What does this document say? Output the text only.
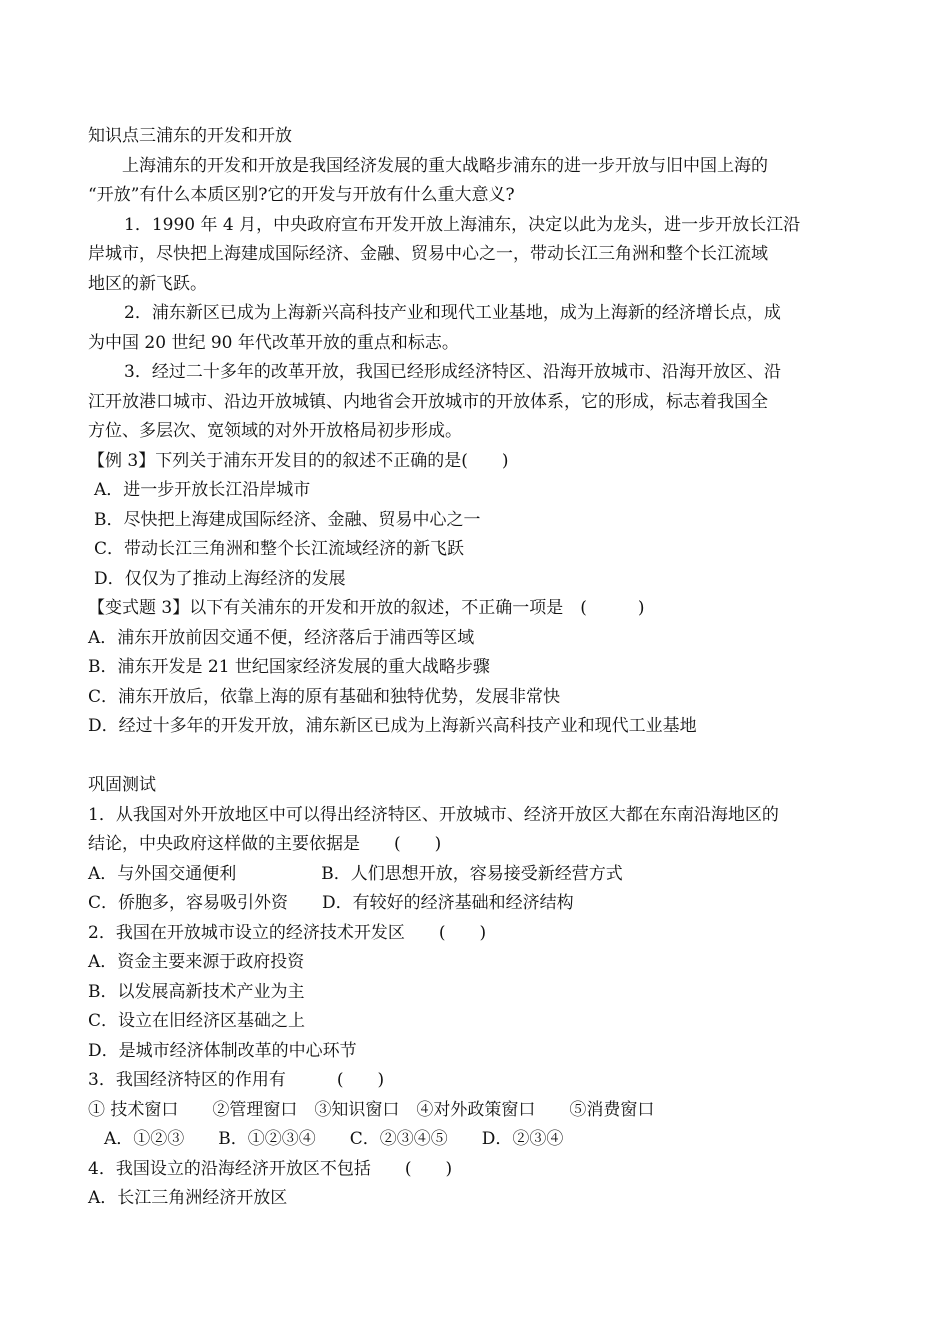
知识点三浦东的开发和开放
上海浦东的开发和开放是我国经济发展的重大战略步浦东的进一步开放与旧中国上海的
“开放”有什么本质区别?它的开发与开放有什么重大意义?
1．1990 年 4 月，中央政府宣布开发开放上海浦东，决定以此为龙头，进一步开放长江沿
岸城市，尽快把上海建成国际经济、金融、贸易中心之一，带动长江三角洲和整个长江流域
地区的新飞跃。
2．浦东新区已成为上海新兴高科技产业和现代工业基地，成为上海新的经济增长点，成
为中国 20 世纪 90 年代改革开放的重点和标志。
3．经过二十多年的改革开放，我国已经形成经济特区、沿海开放城市、沿海开放区、沿
江开放港口城市、沿边开放城镇、内地省会开放城市的开放体系，它的形成，标志着我国全
方位、多层次、宽领域的对外开放格局初步形成。
【例 3】下列关于浦东开发目的的叙述不正确的是(　　)
A．进一步开放长江沿岸城市
B．尽快把上海建成国际经济、金融、贸易中心之一
C．带动长江三角洲和整个长江流域经济的新飞跃
D．仅仅为了推动上海经济的发展
【变式题 3】以下有关浦东的开发和开放的叙述，不正确一项是　(　　　)
A．浦东开放前因交通不便，经济落后于浦西等区域
B．浦东开发是 21 世纪国家经济发展的重大战略步骤
C．浦东开放后，依靠上海的原有基础和独特优势，发展非常快
D．经过十多年的开发开放，浦东新区已成为上海新兴高科技产业和现代工业基地
巩固测试
1．从我国对外开放地区中可以得出经济特区、开放城市、经济开放区大都在东南沿海地区的
结论，中央政府这样做的主要依据是　　(　　)
A．与外国交通便利　　　　　B．人们思想开放，容易接受新经营方式
C．侨胞多，容易吸引外资　　D．有较好的经济基础和经济结构
2．我国在开放城市设立的经济技术开发区　　(　　)
A．资金主要来源于政府投资
B．以发展高新技术产业为主
C．设立在旧经济区基础之上
D．是城市经济体制改革的中心环节
3．我国经济特区的作用有　　　(　　)
① 技术窗口　　②管理窗口　③知识窗口　④对外政策窗口　　⑤消费窗口
A．①②③　　B．①②③④　　C．②③④⑤　　D．②③④
4．我国设立的沿海经济开放区不包括　　(　　)
A．长江三角洲经济开放区
